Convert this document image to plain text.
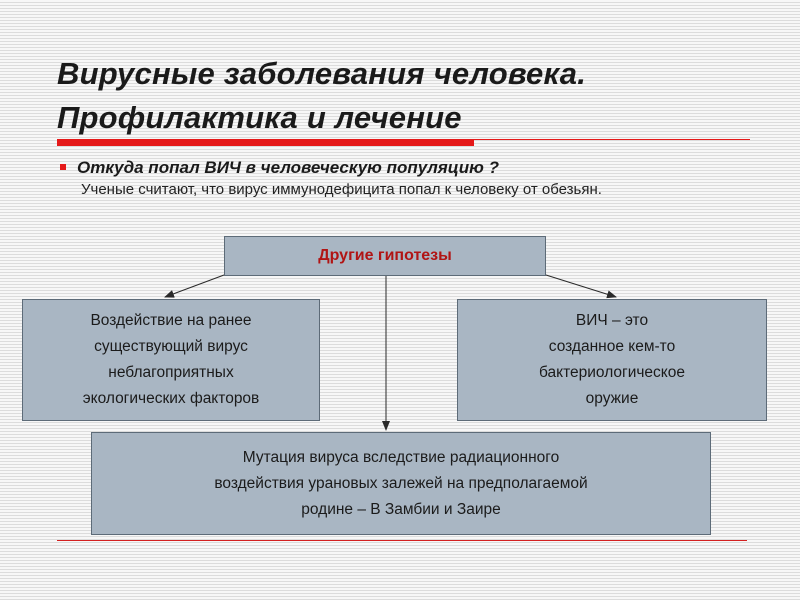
Вирусные заболевания человека.
Профилактика и лечение
Откуда попал ВИЧ в человеческую популяцию ?
Ученые считают, что вирус иммунодефицита попал к человеку от обезьян.
Другие гипотезы
Воздействие на ранее
существующий вирус
неблагоприятных
экологических факторов
ВИЧ – это
созданное кем-то
бактериологическое
оружие
Мутация вируса вследствие радиационного
воздействия урановых залежей на предполагаемой
родине – В Замбии и Заире
